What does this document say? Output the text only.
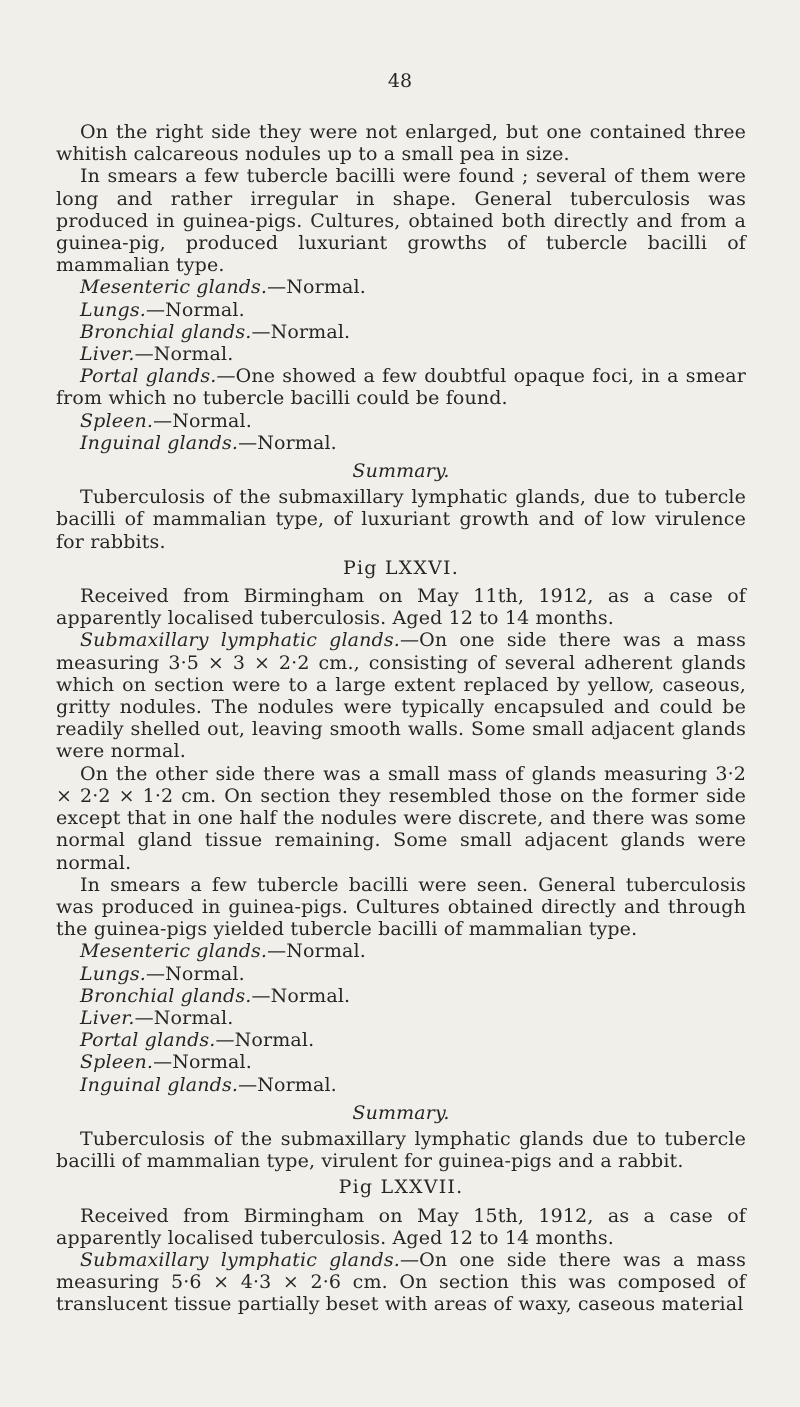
48

On the right side they were not enlarged, but one contained three whitish calcareous nodules up to a small pea in size.

In smears a few tubercle bacilli were found ; several of them were long and rather irregular in shape. General tuberculosis was produced in guinea-pigs. Cultures, obtained both directly and from a guinea-pig, produced luxuriant growths of tubercle bacilli of mammalian type.

Mesenteric glands.—Normal.

Lungs.—Normal.

Bronchial glands.—Normal.

Liver.—Normal.

Portal glands.—One showed a few doubtful opaque foci, in a smear from which no tubercle bacilli could be found.

Spleen.—Normal.

Inguinal glands.—Normal.

Summary.

Tuberculosis of the submaxillary lymphatic glands, due to tubercle bacilli of mammalian type, of luxuriant growth and of low virulence for rabbits.

Pig LXXVI.

Received from Birmingham on May 11th, 1912, as a case of apparently localised tuberculosis. Aged 12 to 14 months.

Submaxillary lymphatic glands.—On one side there was a mass measuring 3·5 × 3 × 2·2 cm., consisting of several adherent glands which on section were to a large extent replaced by yellow, caseous, gritty nodules. The nodules were typically encapsuled and could be readily shelled out, leaving smooth walls. Some small adjacent glands were normal.

On the other side there was a small mass of glands measuring 3·2 × 2·2 × 1·2 cm. On section they resembled those on the former side except that in one half the nodules were discrete, and there was some normal gland tissue remaining. Some small adjacent glands were normal.

In smears a few tubercle bacilli were seen. General tuberculosis was produced in guinea-pigs. Cultures obtained directly and through the guinea-pigs yielded tubercle bacilli of mammalian type.

Mesenteric glands.—Normal.

Lungs.—Normal.

Bronchial glands.—Normal.

Liver.—Normal.

Portal glands.—Normal.

Spleen.—Normal.

Inguinal glands.—Normal.

Summary.

Tuberculosis of the submaxillary lymphatic glands due to tubercle bacilli of mammalian type, virulent for guinea-pigs and a rabbit.

Pig LXXVII.

Received from Birmingham on May 15th, 1912, as a case of apparently localised tuberculosis. Aged 12 to 14 months.

Submaxillary lymphatic glands.—On one side there was a mass measuring 5·6 × 4·3 × 2·6 cm. On section this was composed of translucent tissue partially beset with areas of waxy, caseous material
